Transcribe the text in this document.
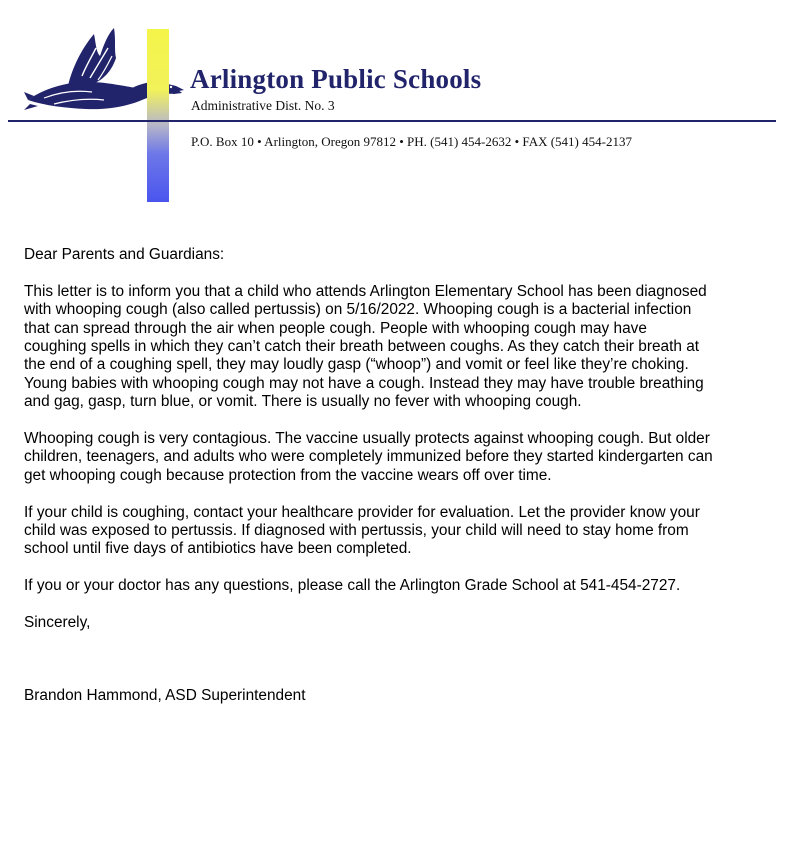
Arlington Public Schools
Administrative Dist. No. 3
P.O. Box 10 • Arlington, Oregon 97812 • PH. (541) 454-2632 • FAX (541) 454-2137

Dear Parents and Guardians:

This letter is to inform you that a child who attends Arlington Elementary School has been diagnosed
with whooping cough (also called pertussis) on 5/16/2022. Whooping cough is a bacterial infection
that can spread through the air when people cough. People with whooping cough may have
coughing spells in which they can’t catch their breath between coughs. As they catch their breath at
the end of a coughing spell, they may loudly gasp (“whoop”) and vomit or feel like they’re choking.
Young babies with whooping cough may not have a cough. Instead they may have trouble breathing
and gag, gasp, turn blue, or vomit. There is usually no fever with whooping cough.

Whooping cough is very contagious. The vaccine usually protects against whooping cough. But older
children, teenagers, and adults who were completely immunized before they started kindergarten can
get whooping cough because protection from the vaccine wears off over time.

If your child is coughing, contact your healthcare provider for evaluation. Let the provider know your
child was exposed to pertussis. If diagnosed with pertussis, your child will need to stay home from
school until five days of antibiotics have been completed.

If you or your doctor has any questions, please call the Arlington Grade School at 541-454-2727.

Sincerely,

Brandon Hammond, ASD Superintendent
